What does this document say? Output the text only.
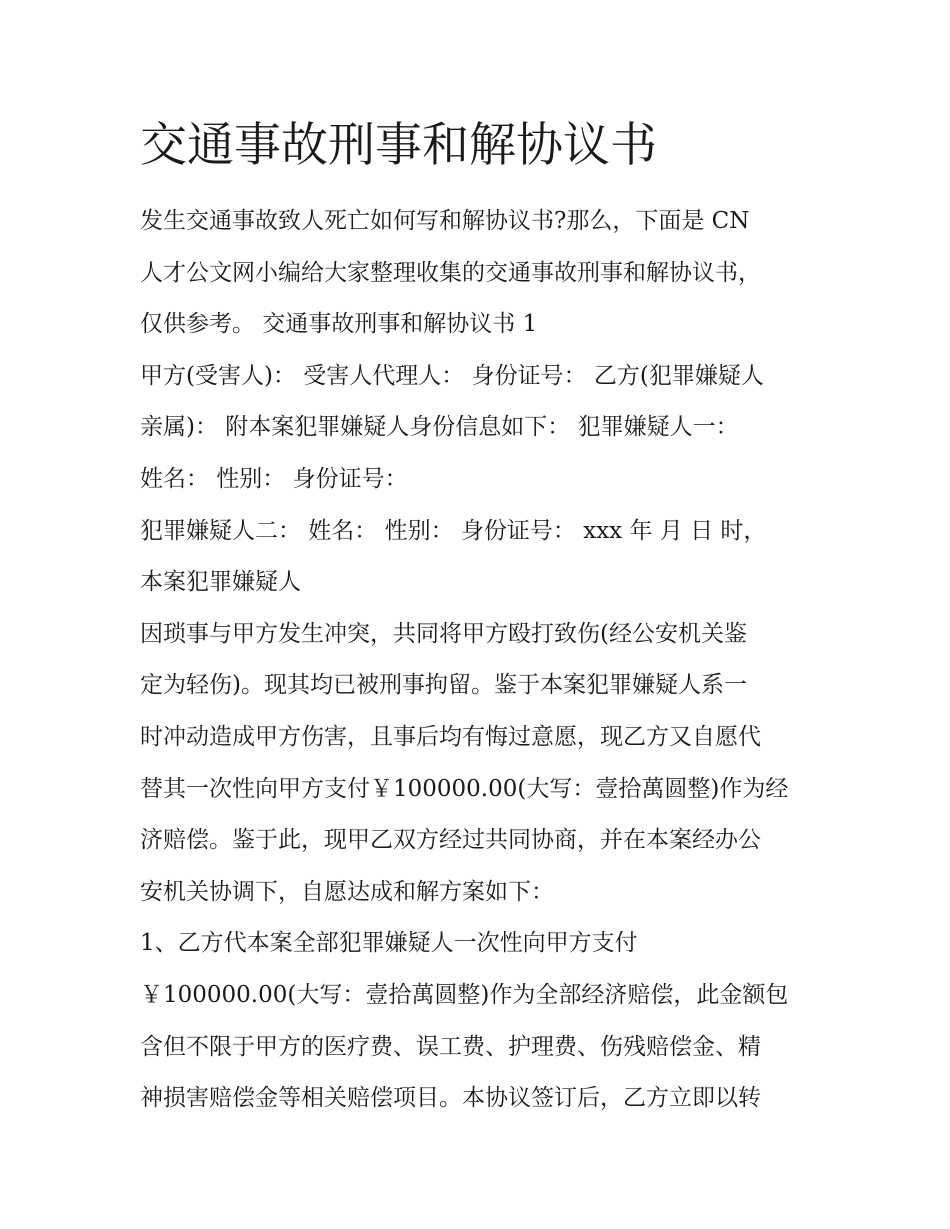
交通事故刑事和解协议书
发生交通事故致人死亡如何写和解协议书?那么，下面是 CN
人才公文网小编给大家整理收集的交通事故刑事和解协议书，
仅供参考。 交通事故刑事和解协议书 1
甲方(受害人)： 受害人代理人： 身份证号： 乙方(犯罪嫌疑人
亲属)： 附本案犯罪嫌疑人身份信息如下： 犯罪嫌疑人一：
姓名： 性别： 身份证号：
犯罪嫌疑人二： 姓名： 性别： 身份证号： xxx 年 月 日 时，
本案犯罪嫌疑人
因琐事与甲方发生冲突，共同将甲方殴打致伤(经公安机关鉴
定为轻伤)。现其均已被刑事拘留。鉴于本案犯罪嫌疑人系一
时冲动造成甲方伤害，且事后均有悔过意愿，现乙方又自愿代
替其一次性向甲方支付￥100000.00(大写：壹拾萬圆整)作为经
济赔偿。鉴于此，现甲乙双方经过共同协商，并在本案经办公
安机关协调下，自愿达成和解方案如下：
1、乙方代本案全部犯罪嫌疑人一次性向甲方支付
￥100000.00(大写：壹拾萬圆整)作为全部经济赔偿，此金额包
含但不限于甲方的医疗费、误工费、护理费、伤残赔偿金、精
神损害赔偿金等相关赔偿项目。本协议签订后，乙方立即以转
